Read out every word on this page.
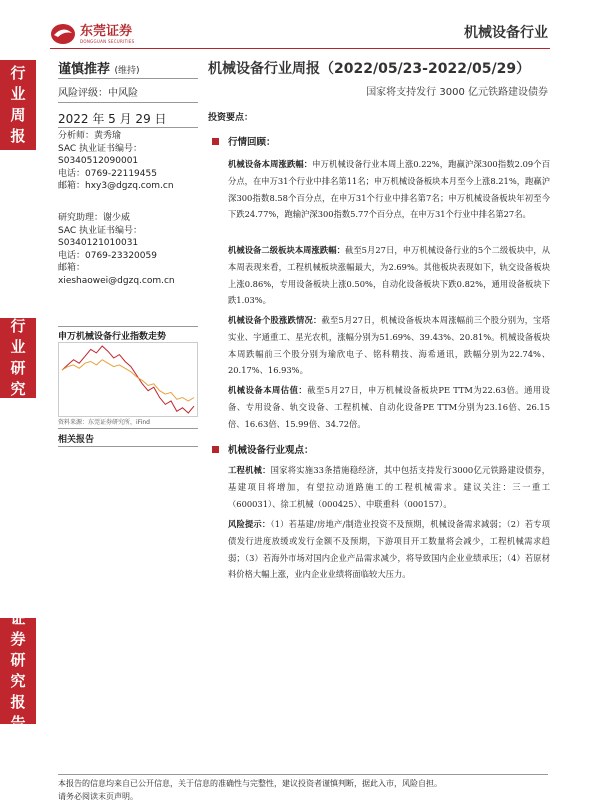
东莞证券
DONGGUAN SECURITIES	机械设备行业
行
业
周
报
行
业
研
究
证
券
研
究
报
告
谨慎推荐 (维持)
风险评级：中风险
2022 年 5 月 29 日
分析师：黄秀瑜
SAC 执业证书编号：
S0340512090001
电话：0769-22119455
邮箱：hxy3@dgzq.com.cn
研究助理：谢少威
SAC 执业证书编号：
S0340121010031
电话：0769-23320059
邮箱：
xieshaowei@dgzq.com.cn
申万机械设备行业指数走势
资料来源：东莞证券研究所，iFind
相关报告
机械设备行业周报（2022/05/23-2022/05/29）
国家将支持发行 3000 亿元铁路建设债券
投资要点：
行情回顾：
机械设备本周涨跌幅：申万机械设备行业本周上涨0.22%，跑赢沪深300指数2.09个百分点，在申万31个行业中排名第11名；申万机械设备板块本月至今上涨8.21%，跑赢沪深300指数8.58个百分点，在申万31个行业中排名第7名；申万机械设备板块年初至今下跌24.77%，跑输沪深300指数5.77个百分点，在申万31个行业中排名第27名。
机械设备二级板块本周涨跌幅：截至5月27日，申万机械设备行业的5个二级板块中，从本周表现来看，工程机械板块涨幅最大，为2.69%。其他板块表现如下，轨交设备板块上涨0.86%，专用设备板块上涨0.50%，自动化设备板块下跌0.82%，通用设备板块下跌1.03%。
机械设备个股涨跌情况：截至5月27日，机械设备板块本周涨幅前三个股分别为，宝塔实业、宇通重工、星光农机，涨幅分别为51.69%、39.43%、20.81%。机械设备板块本周跌幅前三个股分别为瑜欣电子、铭科精技、海希通讯，跌幅分别为22.74%、20.17%、16.93%。
机械设备本周估值：截至5月27日，申万机械设备板块PE TTM为22.63倍。通用设备、专用设备、轨交设备、工程机械、自动化设备PE TTM分别为23.16倍、26.15倍、16.63倍、15.99倍、34.72倍。
机械设备行业观点：
工程机械：国家将实施33条措施稳经济，其中包括支持发行3000亿元铁路建设债券，基建项目将增加，有望拉动道路施工的工程机械需求。建议关注：三一重工（600031）、徐工机械（000425）、中联重科（000157）。
风险提示：（1）若基建/房地产/制造业投资不及预期，机械设备需求减弱；（2）若专项债发行进度放缓或发行金额不及预期，下游项目开工数量将会减少，工程机械需求趋弱；（3）若海外市场对国内企业产品需求减少，将导致国内企业业绩承压；（4）若原材料价格大幅上涨，业内企业业绩将面临较大压力。
本报告的信息均来自已公开信息，关于信息的准确性与完整性，建议投资者谨慎判断，据此入市，风险自担。
请务必阅读末页声明。
